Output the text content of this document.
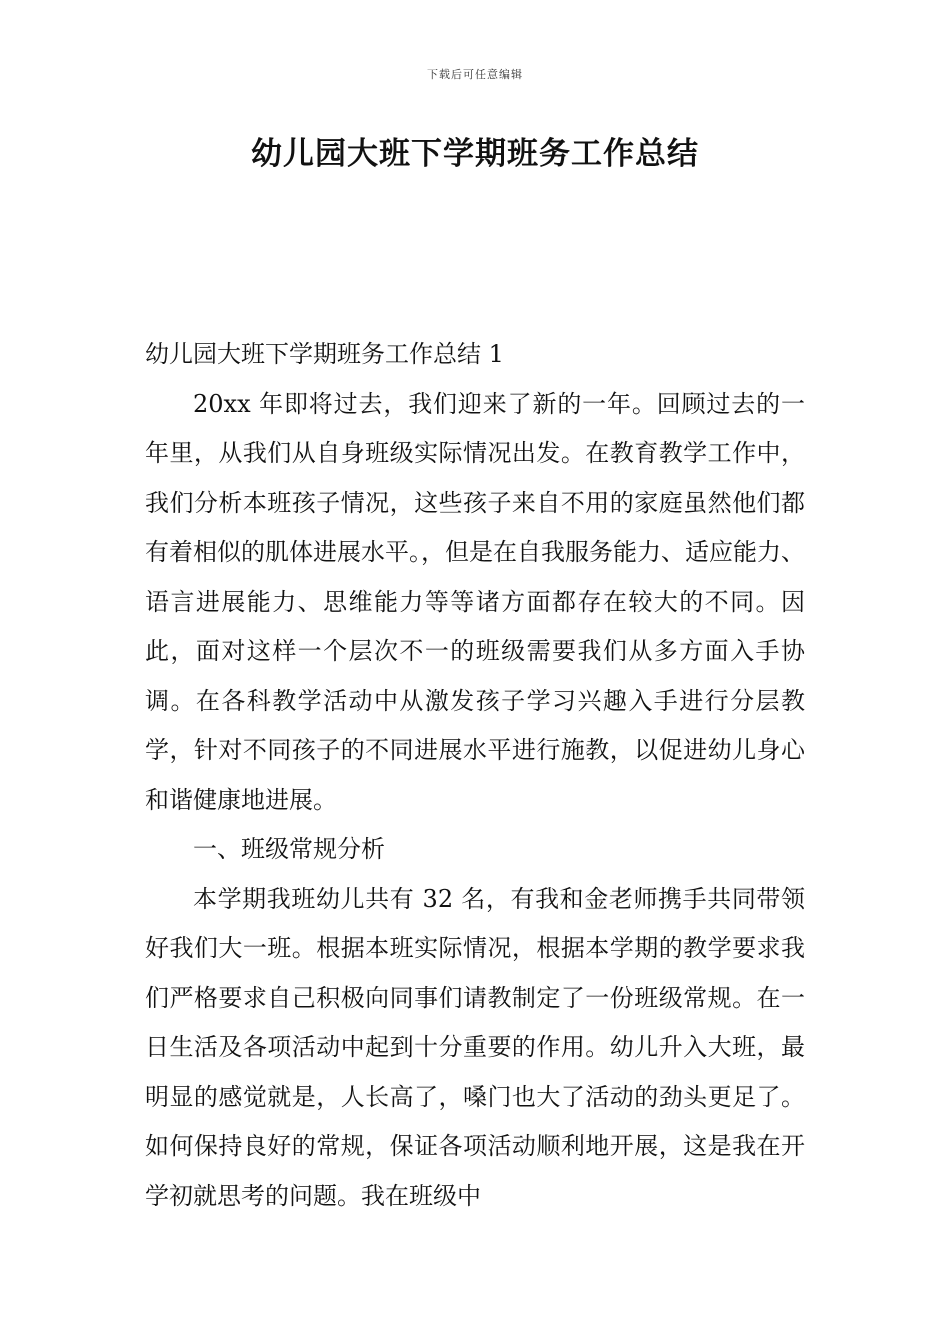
下载后可任意编辑
幼儿园大班下学期班务工作总结

幼儿园大班下学期班务工作总结 1

20xx 年即将过去，我们迎来了新的一年。回顾过去的一年里，从我们从自身班级实际情况出发。在教育教学工作中，我们分析本班孩子情况，这些孩子来自不用的家庭虽然他们都有着相似的肌体进展水平。，但是在自我服务能力、适应能力、语言进展能力、思维能力等等诸方面都存在较大的不同。因此，面对这样一个层次不一的班级需要我们从多方面入手协调。在各科教学活动中从激发孩子学习兴趣入手进行分层教学，针对不同孩子的不同进展水平进行施教，以促进幼儿身心和谐健康地进展。

一、班级常规分析

本学期我班幼儿共有 32 名，有我和金老师携手共同带领好我们大一班。根据本班实际情况，根据本学期的教学要求我们严格要求自己积极向同事们请教制定了一份班级常规。在一日生活及各项活动中起到十分重要的作用。幼儿升入大班，最明显的感觉就是，人长高了，嗓门也大了活动的劲头更足了。如何保持良好的常规，保证各项活动顺利地开展，这是我在开学初就思考的问题。我在班级中
